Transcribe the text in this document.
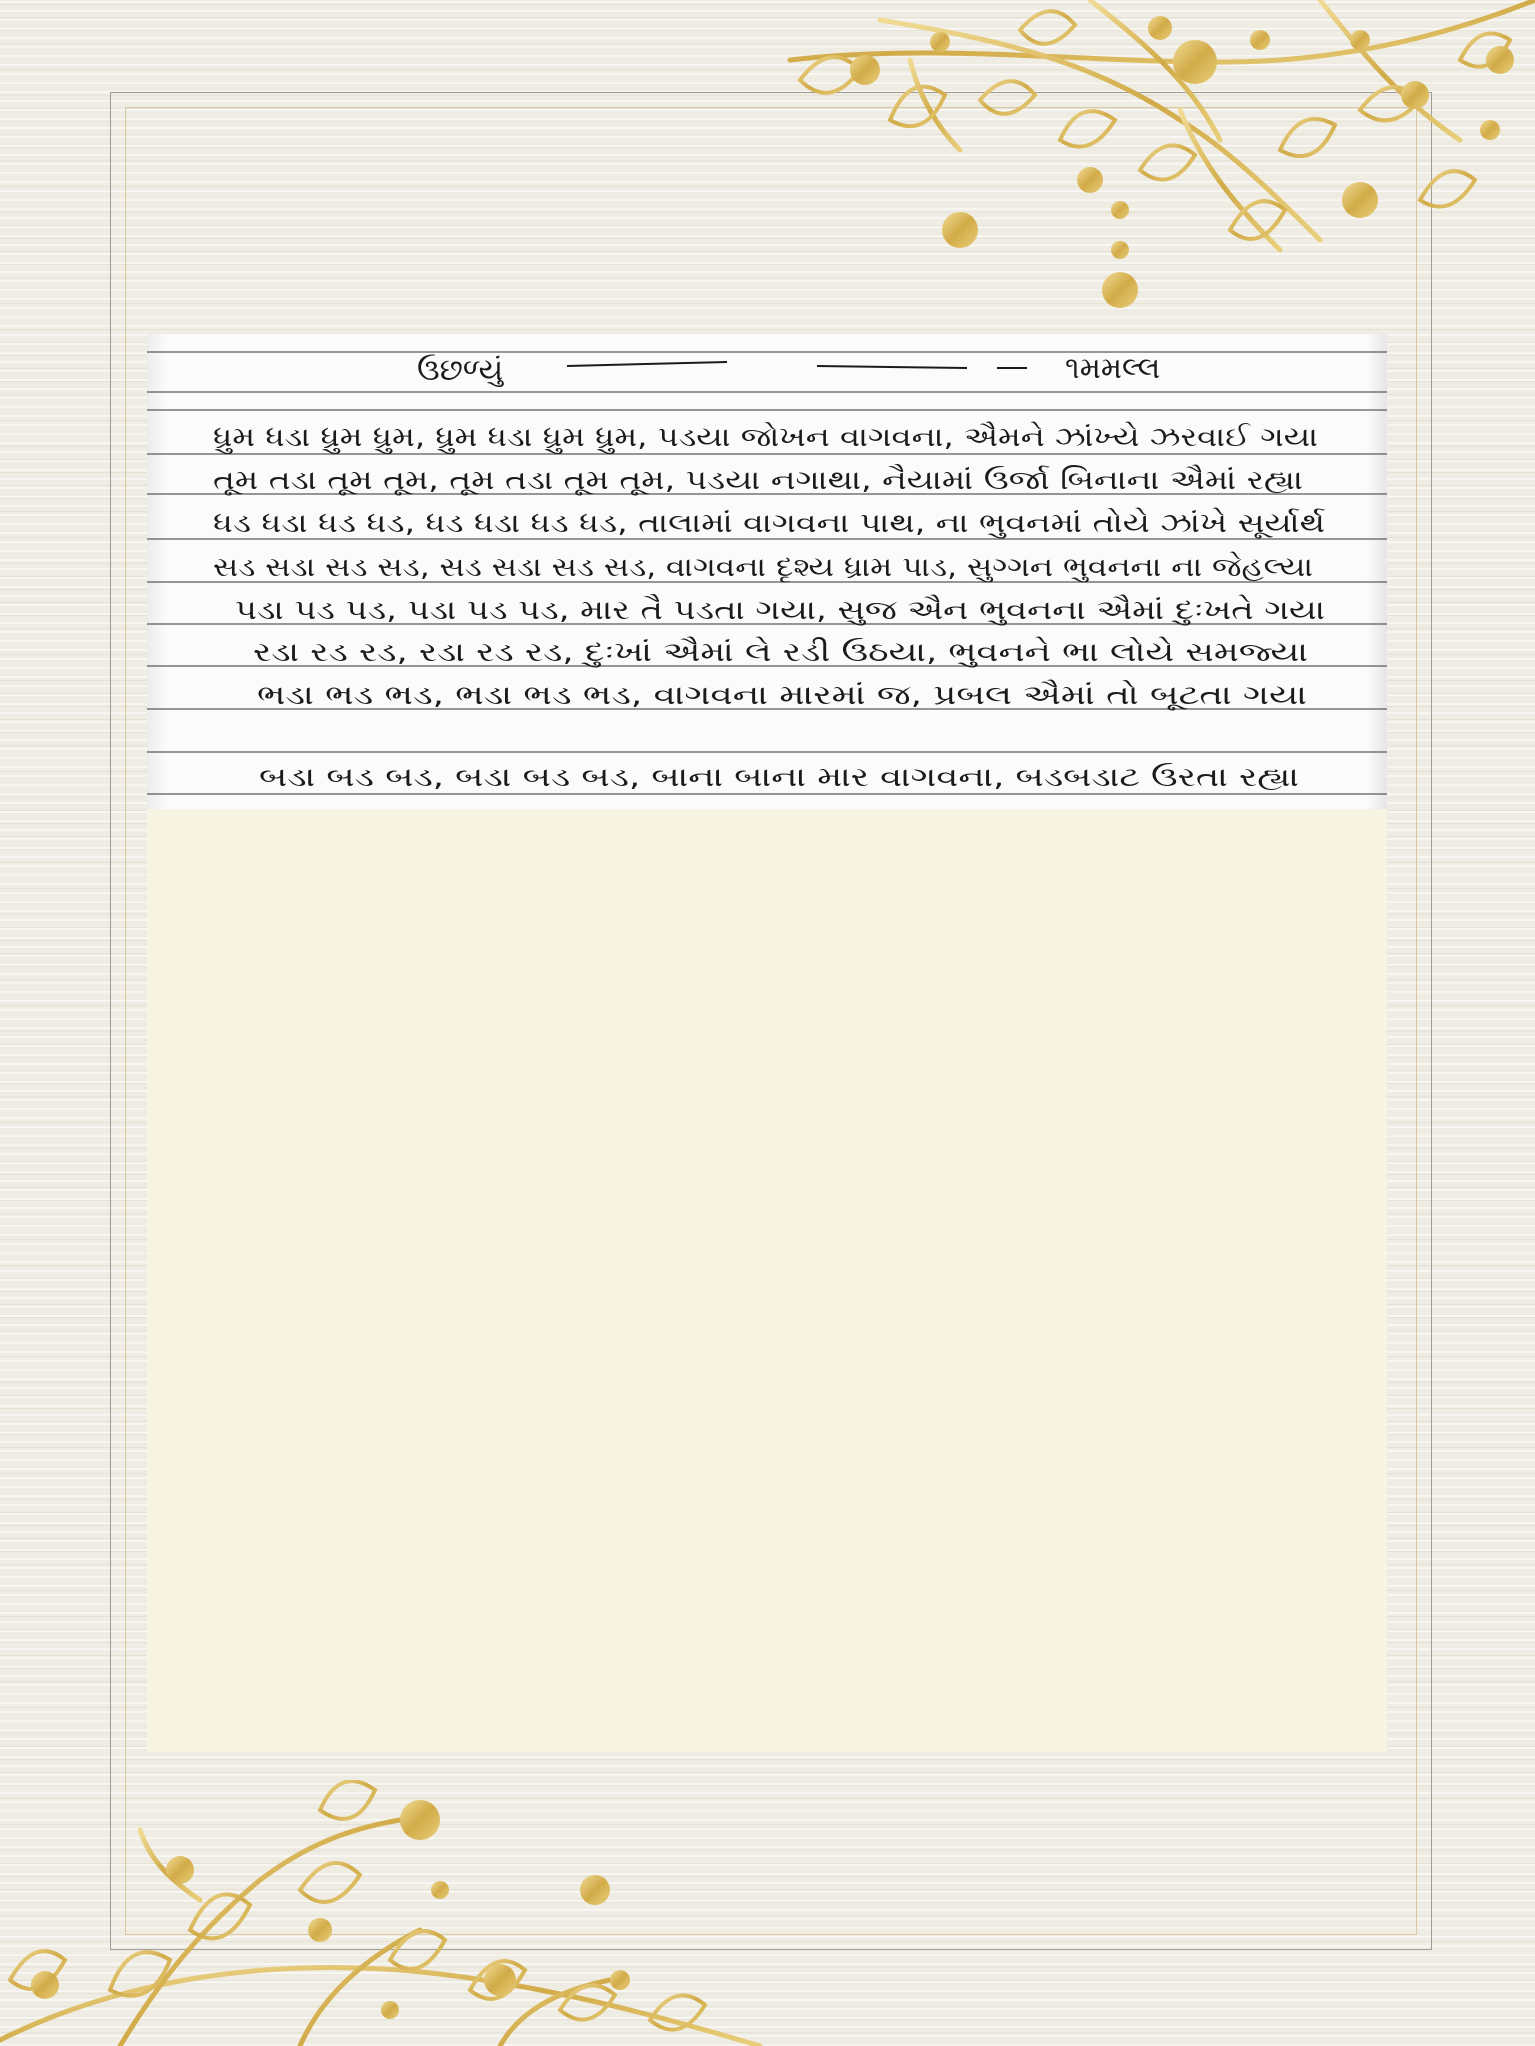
ઉછળ્યું	૧મમલ્લ
ધ્રુમ ધડા ધ્રુમ ધ્રુમ, ધ્રુમ ધડા ધ્રુમ ધ્રુમ, પડયા જોખન વાગવના, ઐમને ઝાંખ્યે ઝરવાઈ ગયા
તૂમ તડા તૂમ તૂમ, તૂમ તડા તૂમ તૂમ, પડયા નગાથા, નૈયામાં ઉર્જા બિનાના ઐમાં રહ્યા
ધડ ધડા ધડ ધડ, ધડ ધડા ધડ ધડ, તાલામાં વાગવના પાથ, ના ભુવનમાં તોયે ઝાંખે સૂર્યાર્થ
સડ સડા સડ સડ, સડ સડા સડ સડ, વાગવના દૃશ્ય ધ્રામ પાડ, સુગ્ગન ભુવનના ના જેહલ્યા
પડા પડ પડ, પડા પડ પડ, માર તૈ પડતા ગયા, સુજ ઐન ભુવનના ઐમાં દુઃખતે ગયા
રડા રડ રડ, રડા રડ રડ, દુઃખાં ઐમાં લે રડી ઉઠયા, ભુવનને ભા લોયે સમજ્યા
ભડા ભડ ભડ, ભડા ભડ ભડ, વાગવના મારમાં જ, પ્રબલ ઐમાં તો બૂટતા ગયા
બડા બડ બડ, બડા બડ બડ, બાના બાના માર વાગવના, બડબડાટ ઉરતા રહ્યા
